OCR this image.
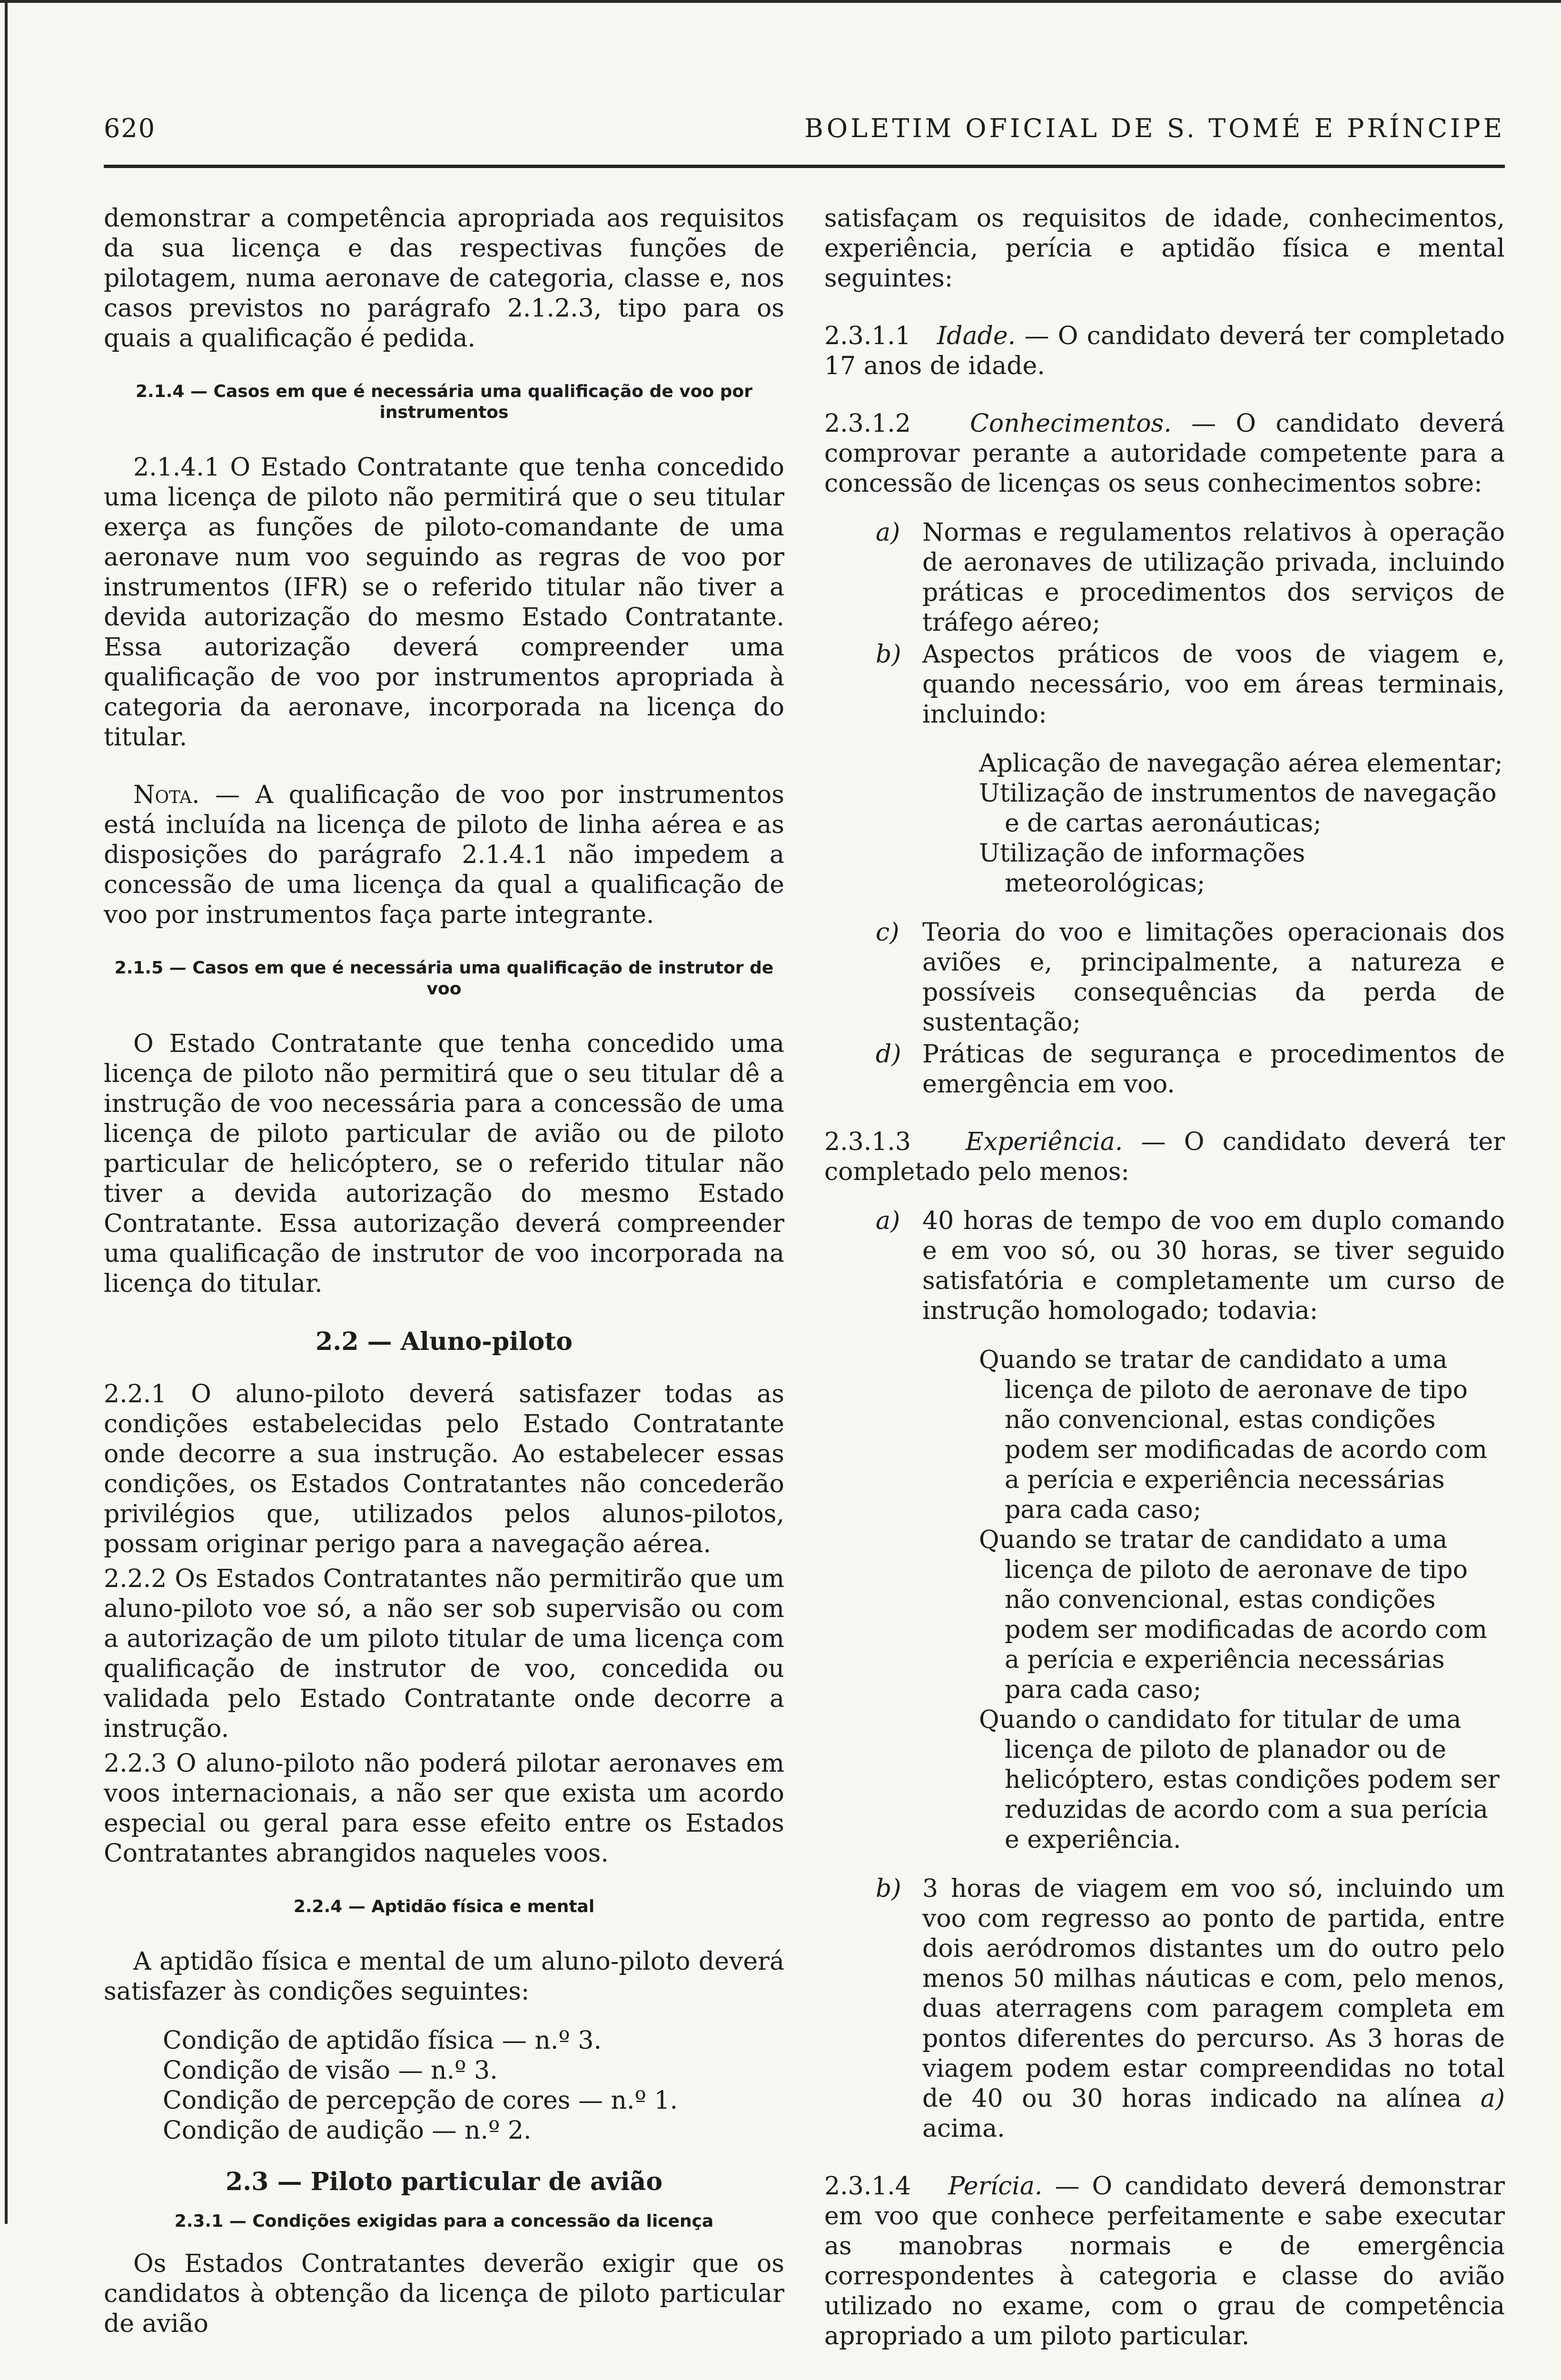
620	BOLETIM OFICIAL DE S. TOMÉ E PRÍNCIPE

demonstrar a competência apropriada aos requisitos da sua licença e das respectivas funções de pilotagem, numa aeronave de categoria, classe e, nos casos previstos no parágrafo 2.1.2.3, tipo para os quais a qualificação é pedida.

2.1.4 — Casos em que é necessária uma qualificação de voo por instrumentos

2.1.4.1 O Estado Contratante que tenha concedido uma licença de piloto não permitirá que o seu titular exerça as funções de piloto-comandante de uma aeronave num voo seguindo as regras de voo por instrumentos (IFR) se o referido titular não tiver a devida autorização do mesmo Estado Contratante. Essa autorização deverá compreender uma qualificação de voo por instrumentos apropriada à categoria da aeronave, incorporada na licença do titular.

Nota. — A qualificação de voo por instrumentos está incluída na licença de piloto de linha aérea e as disposições do parágrafo 2.1.4.1 não impedem a concessão de uma licença da qual a qualificação de voo por instrumentos faça parte integrante.

2.1.5 — Casos em que é necessária uma qualificação de instrutor de voo

O Estado Contratante que tenha concedido uma licença de piloto não permitirá que o seu titular dê a instrução de voo necessária para a concessão de uma licença de piloto particular de avião ou de piloto particular de helicóptero, se o referido titular não tiver a devida autorização do mesmo Estado Contratante. Essa autorização deverá compreender uma qualificação de instrutor de voo incorporada na licença do titular.

2.2 — Aluno-piloto

2.2.1 O aluno-piloto deverá satisfazer todas as condições estabelecidas pelo Estado Contratante onde decorre a sua instrução. Ao estabelecer essas condições, os Estados Contratantes não concederão privilégios que, utilizados pelos alunos-pilotos, possam originar perigo para a navegação aérea.

2.2.2 Os Estados Contratantes não permitirão que um aluno-piloto voe só, a não ser sob supervisão ou com a autorização de um piloto titular de uma licença com qualificação de instrutor de voo, concedida ou validada pelo Estado Contratante onde decorre a instrução.

2.2.3 O aluno-piloto não poderá pilotar aeronaves em voos internacionais, a não ser que exista um acordo especial ou geral para esse efeito entre os Estados Contratantes abrangidos naqueles voos.

2.2.4 — Aptidão física e mental

A aptidão física e mental de um aluno-piloto deverá satisfazer às condições seguintes:

Condição de aptidão física — n.º 3.
Condição de visão — n.º 3.
Condição de percepção de cores — n.º 1.
Condição de audição — n.º 2.
2.3 — Piloto particular de avião
2.3.1 — Condições exigidas para a concessão da licença

Os Estados Contratantes deverão exigir que os candidatos à obtenção da licença de piloto particular de avião

satisfaçam os requisitos de idade, conhecimentos, experiência, perícia e aptidão física e mental seguintes:

2.3.1.1 Idade. — O candidato deverá ter completado 17 anos de idade.

2.3.1.2 Conhecimentos. — O candidato deverá comprovar perante a autoridade competente para a concessão de licenças os seus conhecimentos sobre:

a) Normas e regulamentos relativos à operação de aeronaves de utilização privada, incluindo práticas e procedimentos dos serviços de tráfego aéreo;
b) Aspectos práticos de voos de viagem e, quando necessário, voo em áreas terminais, incluindo:
Aplicação de navegação aérea elementar;
Utilização de instrumentos de navegação e de cartas aeronáuticas;
Utilização de informações meteorológicas;
c) Teoria do voo e limitações operacionais dos aviões e, principalmente, a natureza e possíveis consequências da perda de sustentação;
d) Práticas de segurança e procedimentos de emergência em voo.

2.3.1.3 Experiência. — O candidato deverá ter completado pelo menos:

a) 40 horas de tempo de voo em duplo comando e em voo só, ou 30 horas, se tiver seguido satisfatória e completamente um curso de instrução homologado; todavia:
Quando se tratar de candidato a uma licença de piloto de aeronave de tipo não convencional, estas condições podem ser modificadas de acordo com a perícia e experiência necessárias para cada caso;
Quando se tratar de candidato a uma licença de piloto de aeronave de tipo não convencional, estas condições podem ser modificadas de acordo com a perícia e experiência necessárias para cada caso;
Quando o candidato for titular de uma licença de piloto de planador ou de helicóptero, estas condições podem ser reduzidas de acordo com a sua perícia e experiência.
b) 3 horas de viagem em voo só, incluindo um voo com regresso ao ponto de partida, entre dois aeródromos distantes um do outro pelo menos 50 milhas náuticas e com, pelo menos, duas aterragens com paragem completa em pontos diferentes do percurso. As 3 horas de viagem podem estar compreendidas no total de 40 ou 30 horas indicado na alínea a) acima.

2.3.1.4 Perícia. — O candidato deverá demonstrar em voo que conhece perfeitamente e sabe executar as manobras normais e de emergência correspondentes à categoria e classe do avião utilizado no exame, com o grau de competência apropriado a um piloto particular.
